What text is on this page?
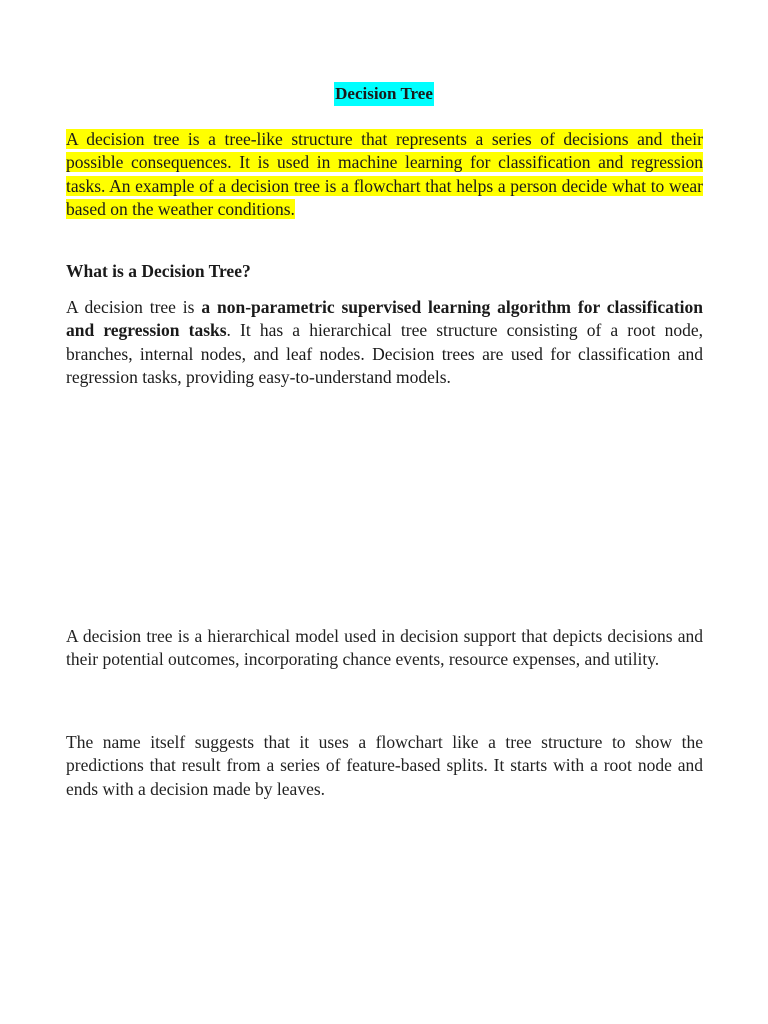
Decision Tree
A decision tree is a tree-like structure that represents a series of decisions and their possible consequences. It is used in machine learning for classification and regression tasks. An example of a decision tree is a flowchart that helps a person decide what to wear based on the weather conditions.
What is a Decision Tree?
A decision tree is a non-parametric supervised learning algorithm for classification and regression tasks. It has a hierarchical tree structure consisting of a root node, branches, internal nodes, and leaf nodes. Decision trees are used for classification and regression tasks, providing easy-to-understand models.
A decision tree is a hierarchical model used in decision support that depicts decisions and their potential outcomes, incorporating chance events, resource expenses, and utility.
The name itself suggests that it uses a flowchart like a tree structure to show the predictions that result from a series of feature-based splits. It starts with a root node and ends with a decision made by leaves.
